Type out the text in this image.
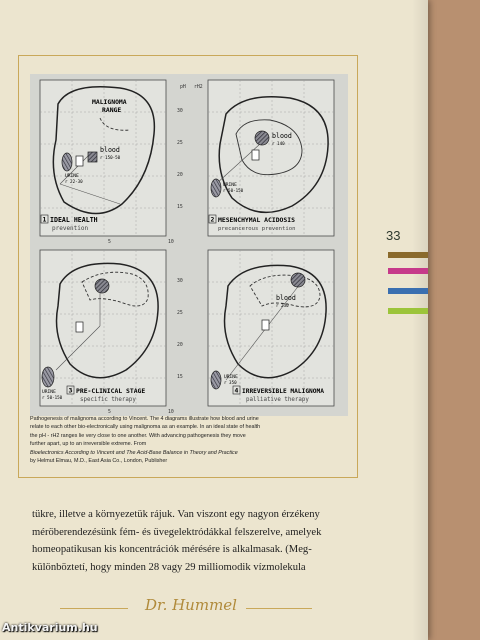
MALIGNOMA
RANGE
blood
r 150-50
URINE
r 22-30
1 IDEAL HEALTH
prevention
pH rH2
30
25
20
15
5	10
blood
r 140
URINE
r 50-150
2 MESENCHYMAL ACIDOSIS
precancerous prevention
URINE
r 50-150
3 PRE-CLINICAL STAGE
specific therapy
30
25
20
15
5	10
blood
r 230
URINE
r 350
4 IRREVERSIBLE MALIGNOMA
palliative therapy
Pathogenesis of malignoma according to Vincent. The 4 diagrams illustrate how blood and urine
relate to each other bio-electronically using malignoma as an example. In an ideal state of health
the pH - rH2 ranges lie very close to one another. With advancing pathogenesis they move
further apart, up to an irreversible extreme. From
Bioelectronics According to Vincent and The Acid-Base Balance in Theory and Practice
by Helmut Elmau, M.D., East Asia Co., London, Publisher
33
tükre, illetve a környezetük rájuk. Van viszont egy nagyon érzékeny
méröberendezésünk fém- és üvegelektródákkal felszerelve, amelyek
homeopatikusan kis koncentrációk mérésére is alkalmasak. (Meg-
különböztetí, hogy minden 28 vagy 29 milliomodik vízmolekula
Dr. Hummel
Antikvarium.hu
